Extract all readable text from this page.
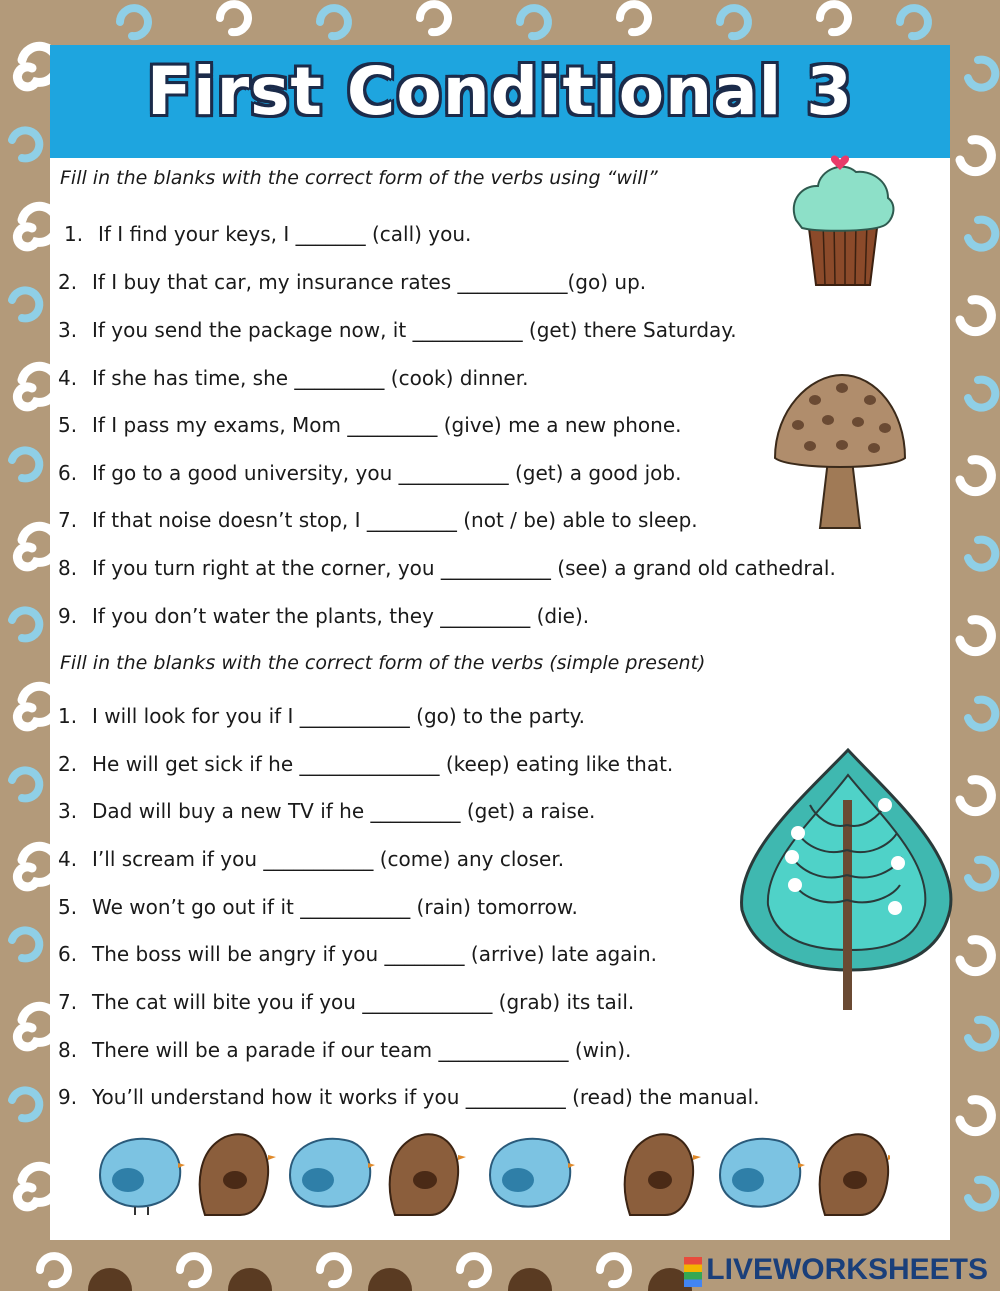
First Conditional 3
Fill in the blanks with the correct form of the verbs using “will”
1. If I find your keys, I _______ (call) you.
2. If I buy that car, my insurance rates ___________(go) up.
3. If you send the package now, it ___________ (get) there Saturday.
4. If she has time, she _________ (cook) dinner.
5. If I pass my exams, Mom _________ (give) me a new phone.
6. If go to a good university, you ___________ (get) a good job.
7. If that noise doesn’t stop, I _________ (not / be) able to sleep.
8. If you turn right at the corner, you ___________ (see) a grand old cathedral.
9. If you don’t water the plants, they _________ (die).
Fill in the blanks with the correct form of the verbs (simple present)
1. I will look for you if I ___________ (go) to the party.
2. He will get sick if he ______________ (keep) eating like that.
3. Dad will buy a new TV if he _________ (get) a raise.
4. I’ll scream if you ___________ (come) any closer.
5. We won’t go out if it ___________ (rain) tomorrow.
6. The boss will be angry if you ________ (arrive) late again.
7. The cat will bite you if you _____________ (grab) its tail.
8. There will be a parade if our team _____________ (win).
9. You’ll understand how it works if you __________ (read) the manual.
LIVEWORKSHEETS
